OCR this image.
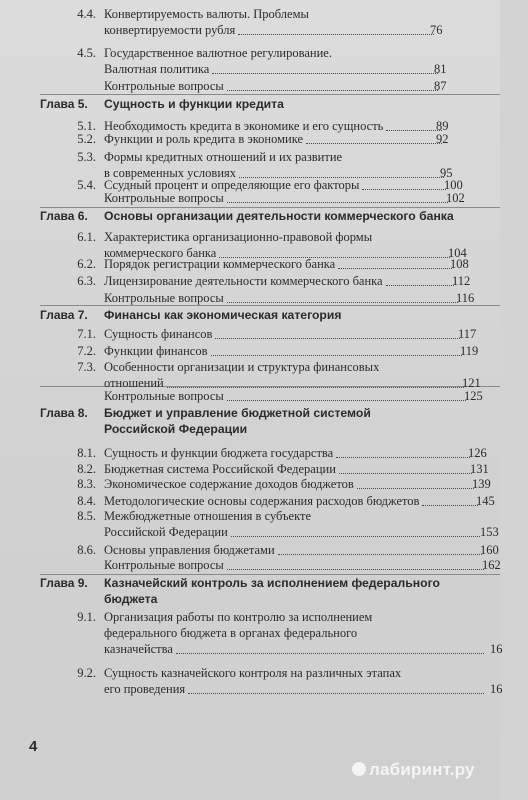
4.4. Конвертируемость валюты. Проблемы
конвертируемости рубля	76
4.5. Государственное валютное регулирование.
Валютная политика	81
Контрольные вопросы	87
Глава 5. Сущность и функции кредита
5.1. Необходимость кредита в экономике и его сущность	89
5.2. Функции и роль кредита в экономике	92
5.3. Формы кредитных отношений и их развитие
в современных условиях	95
5.4. Ссудный процент и определяющие его факторы	100
Контрольные вопросы	102
Глава 6. Основы организации деятельности коммерческого банка
6.1. Характеристика организационно-правовой формы
коммерческого банка	104
6.2. Порядок регистрации коммерческого банка	108
6.3. Лицензирование деятельности коммерческого банка	112
Контрольные вопросы	116
Глава 7. Финансы как экономическая категория
7.1. Сущность финансов	117
7.2. Функции финансов	119
7.3. Особенности организации и структура финансовых
отношений	121
Контрольные вопросы	125
Глава 8. Бюджет и управление бюджетной системой
Российской Федерации
8.1. Сущность и функции бюджета государства	126
8.2. Бюджетная система Российской Федерации	131
8.3. Экономическое содержание доходов бюджетов	139
8.4. Методологические основы содержания расходов бюджетов	145
8.5. Межбюджетные отношения в субъекте
Российской Федерации	153
8.6. Основы управления бюджетами	160
Контрольные вопросы	162
Глава 9. Казначейский контроль за исполнением федерального
бюджета
9.1. Организация работы по контролю за исполнением
федерального бюджета в органах федерального
казначейства	16
9.2. Сущность казначейского контроля на различных этапах
его проведения	16
4
лабиринт.ру
